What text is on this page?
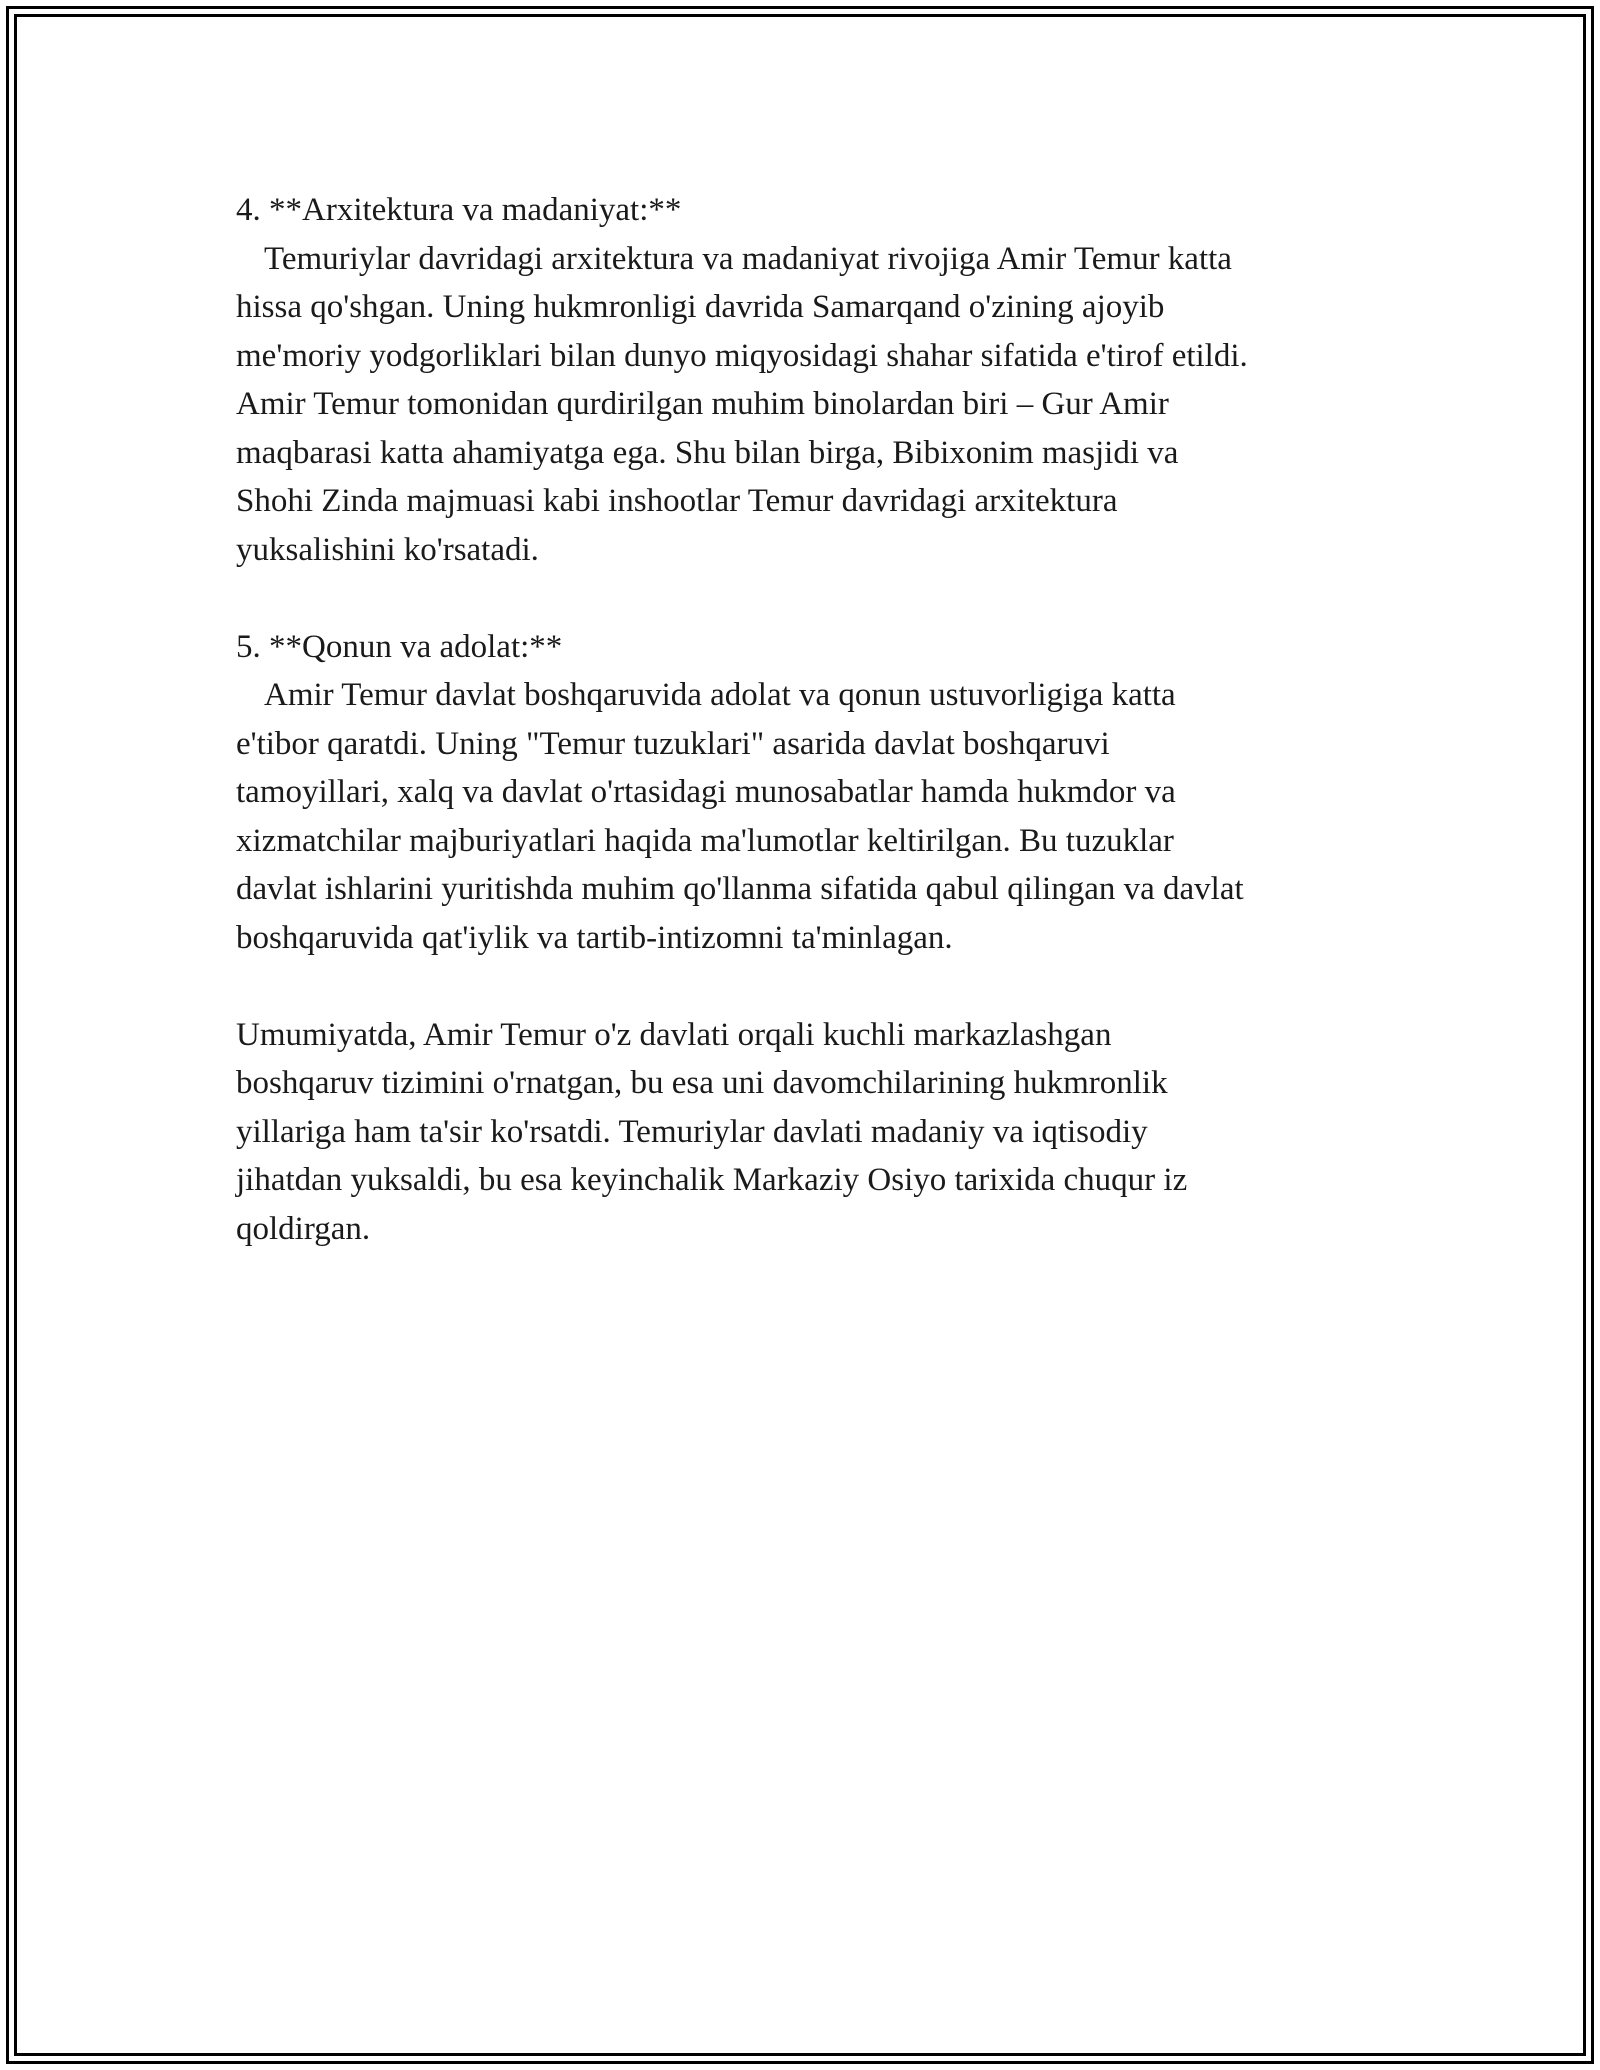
4. **Arxitektura va madaniyat:**
Temuriylar davridagi arxitektura va madaniyat rivojiga Amir Temur katta
hissa qo'shgan. Uning hukmronligi davrida Samarqand o'zining ajoyib
me'moriy yodgorliklari bilan dunyo miqyosidagi shahar sifatida e'tirof etildi.
Amir Temur tomonidan qurdirilgan muhim binolardan biri – Gur Amir
maqbarasi katta ahamiyatga ega. Shu bilan birga, Bibixonim masjidi va
Shohi Zinda majmuasi kabi inshootlar Temur davridagi arxitektura
yuksalishini ko'rsatadi.
5. **Qonun va adolat:**
Amir Temur davlat boshqaruvida adolat va qonun ustuvorligiga katta
e'tibor qaratdi. Uning "Temur tuzuklari" asarida davlat boshqaruvi
tamoyillari, xalq va davlat o'rtasidagi munosabatlar hamda hukmdor va
xizmatchilar majburiyatlari haqida ma'lumotlar keltirilgan. Bu tuzuklar
davlat ishlarini yuritishda muhim qo'llanma sifatida qabul qilingan va davlat
boshqaruvida qat'iylik va tartib-intizomni ta'minlagan.
Umumiyatda, Amir Temur o'z davlati orqali kuchli markazlashgan
boshqaruv tizimini o'rnatgan, bu esa uni davomchilarining hukmronlik
yillariga ham ta'sir ko'rsatdi. Temuriylar davlati madaniy va iqtisodiy
jihatdan yuksaldi, bu esa keyinchalik Markaziy Osiyo tarixida chuqur iz
qoldirgan.
